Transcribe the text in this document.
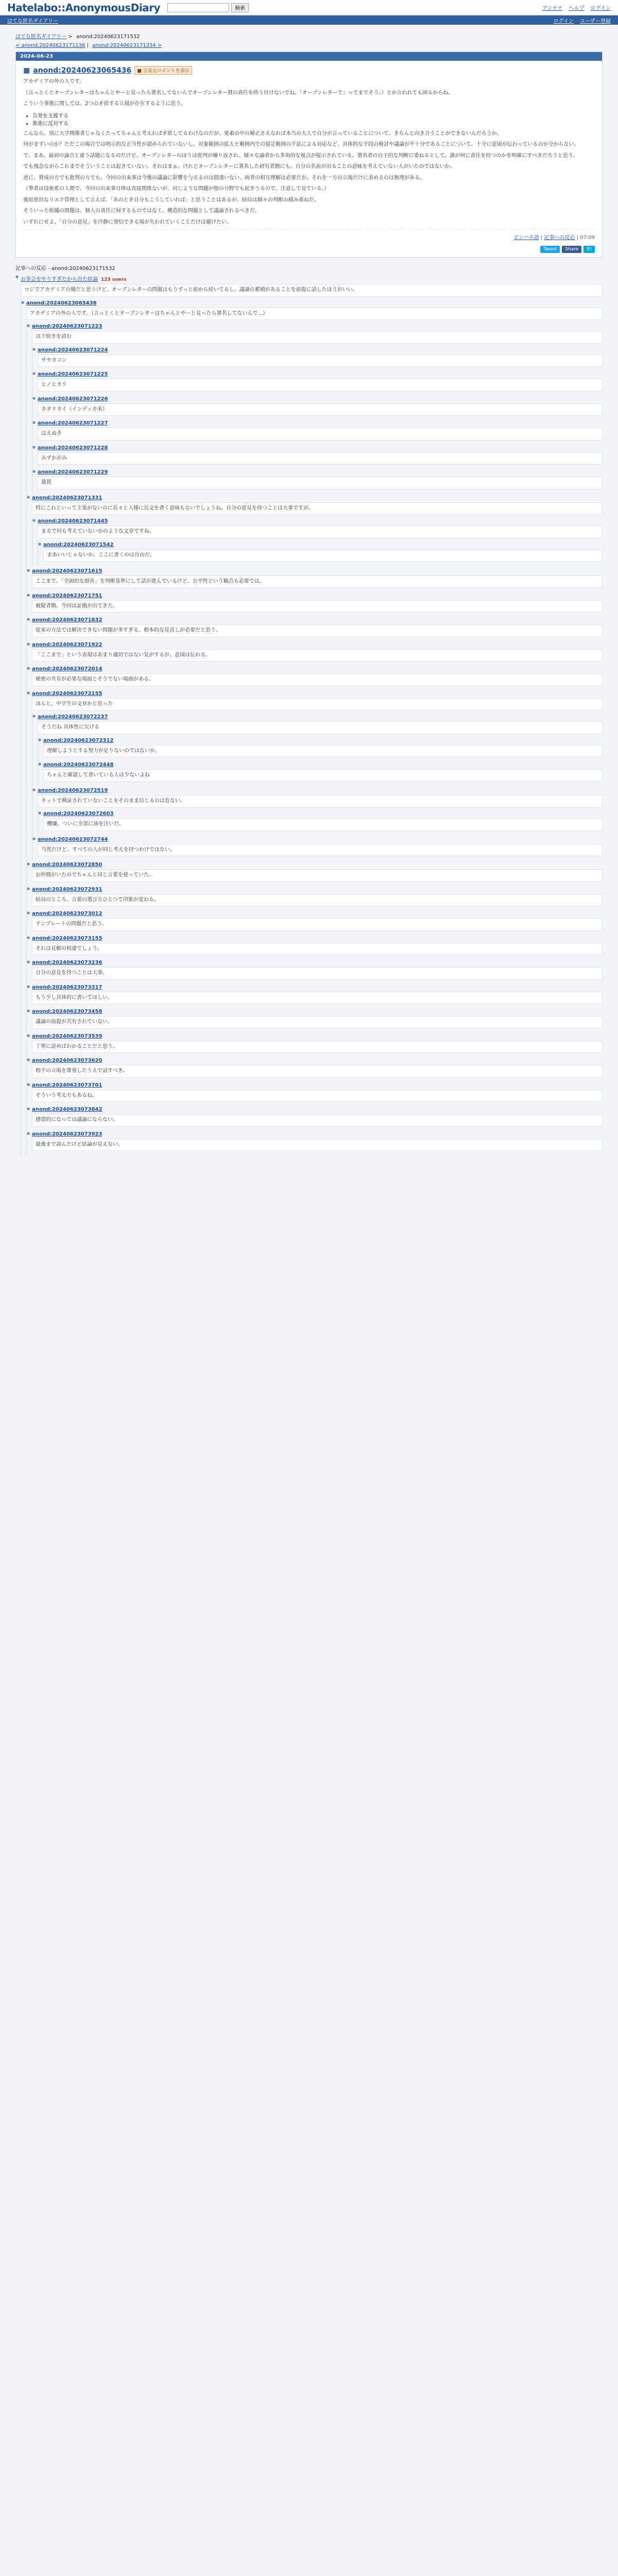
Hatelabo::AnonymousDiary	検索	アンテナ ヘルプ ログイン
はてな匿名ダイアリー	ログイン ユーザー登録
はてな匿名ダイアリー > anond:20240623171532
< anond:20240623171136 | anond:20240623171334 >
2024-06-23
■ anond:20240623065436	■ 言及元コメントを表示

アカデミアの外の人です。

（言っとくとオープンレターはちゃんとやーと見ったら署名してないんでオープンレター賛の責任を終う付けないでね。「オープンレターで」ってまでそう。）とか言われても困るからね。

こういう事態に関しては、2つの矛盾する立場が存在するように思う。

• 告発を支援する
• 推進に反対する

こんなら、別に大学関係者じゃなくたってちゃんと考えれば矛盾してるわけなのだが、要素の中の秘正さえなれば本当の大人で自分が言っていることについて、きちんと向き合うことができないんだろうか。

何がまずいのか？ただこの場合では明示的な正当性が認められていないし、対象範囲の拡大と範囲内での協定範囲の手法による対応など、具体的な手段の検討や議論が不十分であることについて、十分に意図が伝わっているのか分からない。

で、まあ、最初の論点と違う話題になるのだけど、オープンレターのほうは批判が繰り返され、様々な論者から多角的な視点が提示されている。署名者の自主的な判断に委ねるとして、誰が何に責任を持つのかを明確にすべきだろうと思う。

でも残念ながらこれまでそういうことは起きていない。それはまぁ、けれどオープンレターに署名した研究者側にも、自分の名前が出ることの意味を考えていない人がいたのではないか。

逆に、賛成の方でも批判の方でも、今回の出来事は今後の議論に影響を与えるのは間違いない。両者の相互理解は必要だが、それを一方の立場だけに求めるのは無理がある。

（筆者は技術系の人間で、今回の出来事自体は直接関係ないが、同じような問題が他の分野でも起きうるので、注意して見ている。）

後知恵的なリスク管理として言えば、「あのとき自分もこうしていれば」と思うことはあるが、結局は個々の判断の積み重ねだ。

そういった組織の問題は、個人の責任に帰するものではなく、構造的な問題として議論されるべきだ。

いずれにせよ、「自分の意見」を冷静に発信できる場が失われていくことだけは避けたい。

ピンハネ語 | 記事への反応 | 07:09
Tweet	Share	B!
記事への反応 - anond:20240623171532
● お茶会をやりすぎたから出た結論 123 users
マジでアカデミアの闇だと思うけど、オープンレターの問題はもうずっと前から続いてるし、議論の蓄積があることを前提に話したほうがいい。
● anond:20240623065436
アカデミアの外の人です。（言っとくとオープンレターはちゃんとやーと見ったら署名してないんで...）
● anond:20240623071223
以下続きを読む
● anond:20240623071224
サヤカコン
● anond:20240623071225
ヒノヒカリ
● anond:20240623071226
カオリカイ（インディカ米）
● anond:20240623071227
はえぬき
● anond:20240623071228
みずかがみ
● anond:20240623071229
築賞
● anond:20240623071331
特にこれといって主張がないのに長々と人様に長文を書く意味もないでしょうね。自分の意見を持つことは大事ですが。
● anond:20240623071445
まるで何も考えていないかのような文章ですね。
● anond:20240623071542
まあいいじゃないか。ここに書くのは自由だ。
● anond:20240623071615
ここまで、「全面的な損害」を判断基準にして話が進んでいるけど、公平性という観点も必要では。
● anond:20240623071751
被疑者側、今回は証拠が出てきた。
● anond:20240623071832
従来の方法では解決できない問題が多すぎる。根本的な見直しが必要だと思う。
● anond:20240623071922
「ここまで」という表現はあまり適切ではない気がするが、意図は伝わる。
● anond:20240623072014
秘密の共有が必要な場面とそうでない場面がある。
● anond:20240623072155
ほんと、中学生の文章かと思った
● anond:20240623072237
そうだね 具体性に欠ける
● anond:20240623072312
理解しようとする努力が足りないのではないか。
● anond:20240623072448
ちゃんと確認して書いている人は少ないよね
● anond:20240623072519
ネットで検証されていないことをそのまま信じるのは危ない。
● anond:20240623072603
機嫌。ついに全部に油を注いだ。
● anond:20240623072744
当然だけど、すべての人が同じ考えを持つわけではない。
● anond:20240623072850
お仲間がいたのでちゃんと同じ言葉を使っていた。
● anond:20240623072931
結局のところ、言葉の選び方ひとつで印象が変わる。
● anond:20240623073012
テンプレートの問題だと思う。
● anond:20240623073155
それは見解の相違でしょう。
● anond:20240623073236
自分の意見を持つことは大事。
● anond:20240623073317
もう少し具体的に書いてほしい。
● anond:20240623073458
議論の前提が共有されていない。
● anond:20240623073539
丁寧に読めばわかることだと思う。
● anond:20240623073620
相手の立場を尊重したうえで話すべき。
● anond:20240623073701
そういう考え方もあるね。
● anond:20240623073842
感情的になっては議論にならない。
● anond:20240623073923
最後まで読んだけど結論が見えない。
